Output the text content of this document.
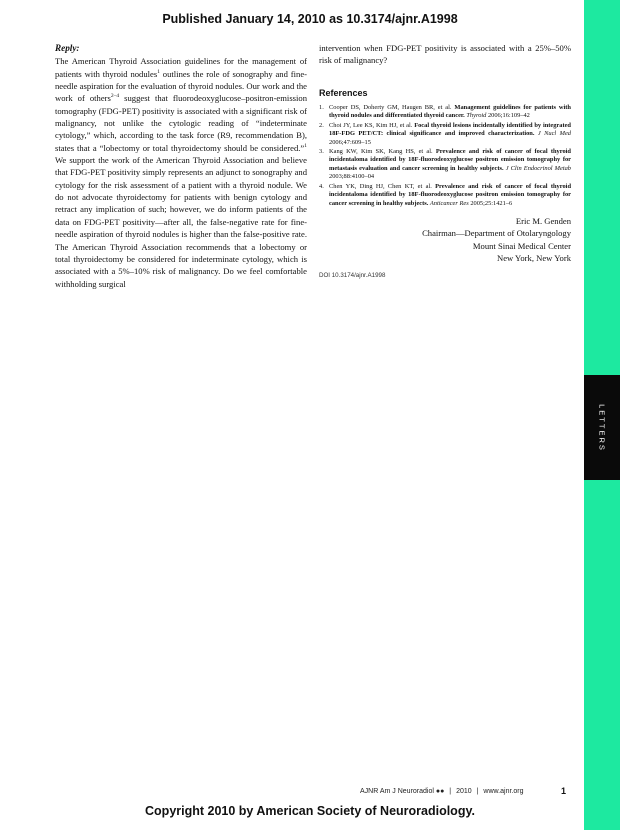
Published January 14, 2010 as 10.3174/ajnr.A1998
Reply:

The American Thyroid Association guidelines for the management of patients with thyroid nodules$^1$ outlines the role of sonography and fine-needle aspiration for the evaluation of thyroid nodules. Our work and the work of others$^{2-4}$ suggest that fluorodeoxyglucose–positron-emission tomography (FDG-PET) positivity is associated with a significant risk of malignancy, not unlike the cytologic reading of “indeterminate cytology,” which, according to the task force (R9, recommendation B), states that a “lobectomy or total thyroidectomy should be considered.”$^1$ We support the work of the American Thyroid Association and believe that FDG-PET positivity simply represents an adjunct to sonography and cytology for the risk assessment of a patient with a thyroid nodule. We do not advocate thyroidectomy for patients with benign cytology and retract any implication of such; however, we do inform patients of the data on FDG-PET positivity—after all, the false-negative rate for fine-needle aspiration of thyroid nodules is higher than the false-positive rate. The American Thyroid Association recommends that a lobectomy or total thyroidectomy be considered for indeterminate cytology, which is associated with a 5%–10% risk of malignancy. Do we feel comfortable withholding surgical

intervention when FDG-PET positivity is associated with a 25%–50% risk of malignancy?

References
1. Cooper DS, Doherty GM, Haugen BR, et al. Management guidelines for patients with thyroid nodules and differentiated thyroid cancer. Thyroid 2006;16:109–42
2. Choi JY, Lee KS, Kim HJ, et al. Focal thyroid lesions incidentally identified by integrated 18F-FDG PET/CT: clinical significance and improved characterization. J Nucl Med 2006;47:609–15
3. Kang KW, Kim SK, Kang HS, et al. Prevalence and risk of cancer of focal thyroid incidentaloma identified by 18F-fluorodeoxyglucose positron emission tomography for metastasis evaluation and cancer screening in healthy subjects. J Clin Endocrinol Metab 2003;88:4100–04
4. Chen YK, Ding HJ, Chen KT, et al. Prevalence and risk of cancer of focal thyroid incidentaloma identified by 18F-fluorodeoxyglucose positron emission tomography for cancer screening in healthy subjects. Anticancer Res 2005;25:1421–6
Eric M. Genden
Chairman—Department of Otolaryngology
Mount Sinai Medical Center
New York, New York
DOI 10.3174/ajnr.A1998
LETTERS
AJNR Am J Neuroradiol ●● | 2010 | www.ajnr.org	1
Copyright 2010 by American Society of Neuroradiology.
